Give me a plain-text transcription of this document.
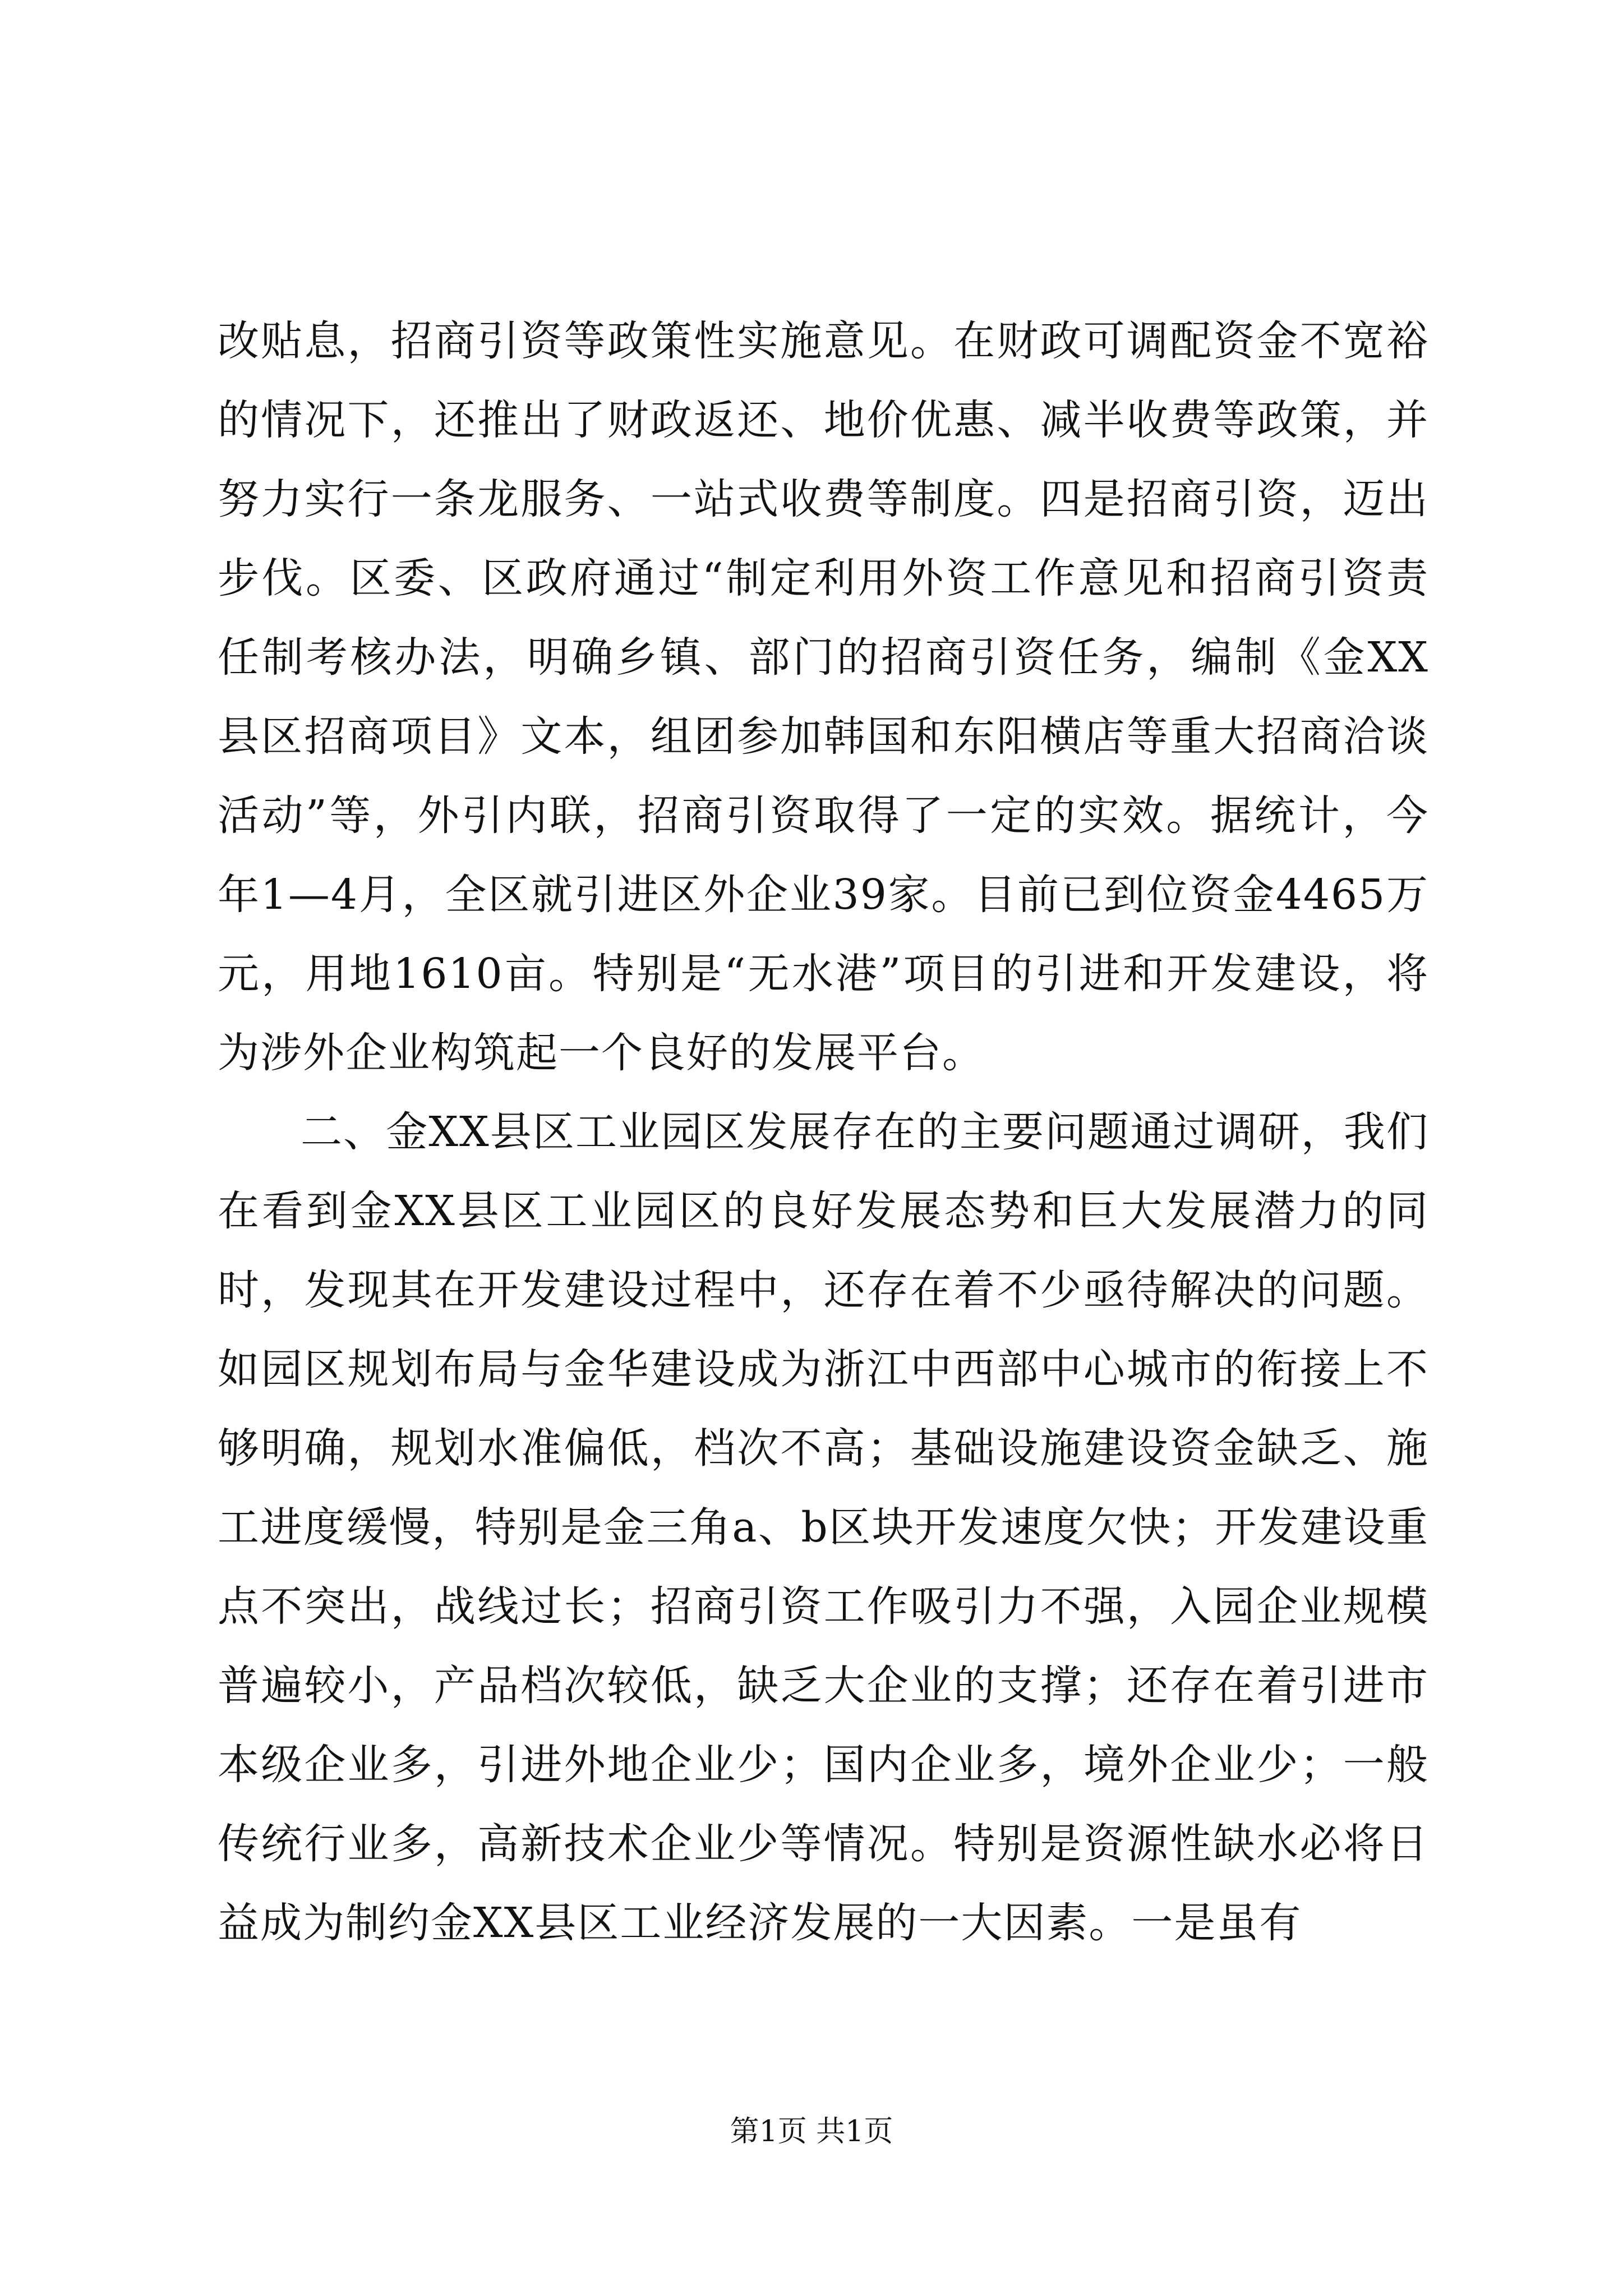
改贴息，招商引资等政策性实施意见。在财政可调配资金不宽裕的情况下，还推出了财政返还、地价优惠、减半收费等政策，并努力实行一条龙服务、一站式收费等制度。四是招商引资，迈出步伐。区委、区政府通过“制定利用外资工作意见和招商引资责任制考核办法，明确乡镇、部门的招商引资任务，编制《金XX县区招商项目》文本，组团参加韩国和东阳横店等重大招商洽谈活动”等，外引内联，招商引资取得了一定的实效。据统计，今年1—4月，全区就引进区外企业39家。目前已到位资金4465万元，用地1610亩。特别是“无水港”项目的引进和开发建设，将为涉外企业构筑起一个良好的发展平台。

二、金XX县区工业园区发展存在的主要问题通过调研，我们在看到金XX县区工业园区的良好发展态势和巨大发展潜力的同时，发现其在开发建设过程中，还存在着不少亟待解决的问题。如园区规划布局与金华建设成为浙江中西部中心城市的衔接上不够明确，规划水准偏低，档次不高；基础设施建设资金缺乏、施工进度缓慢，特别是金三角a、b区块开发速度欠快；开发建设重点不突出，战线过长；招商引资工作吸引力不强，入园企业规模普遍较小，产品档次较低，缺乏大企业的支撑；还存在着引进市本级企业多，引进外地企业少；国内企业多，境外企业少；一般传统行业多，高新技术企业少等情况。特别是资源性缺水必将日益成为制约金XX县区工业经济发展的一大因素。一是虽有

第1页 共1页
